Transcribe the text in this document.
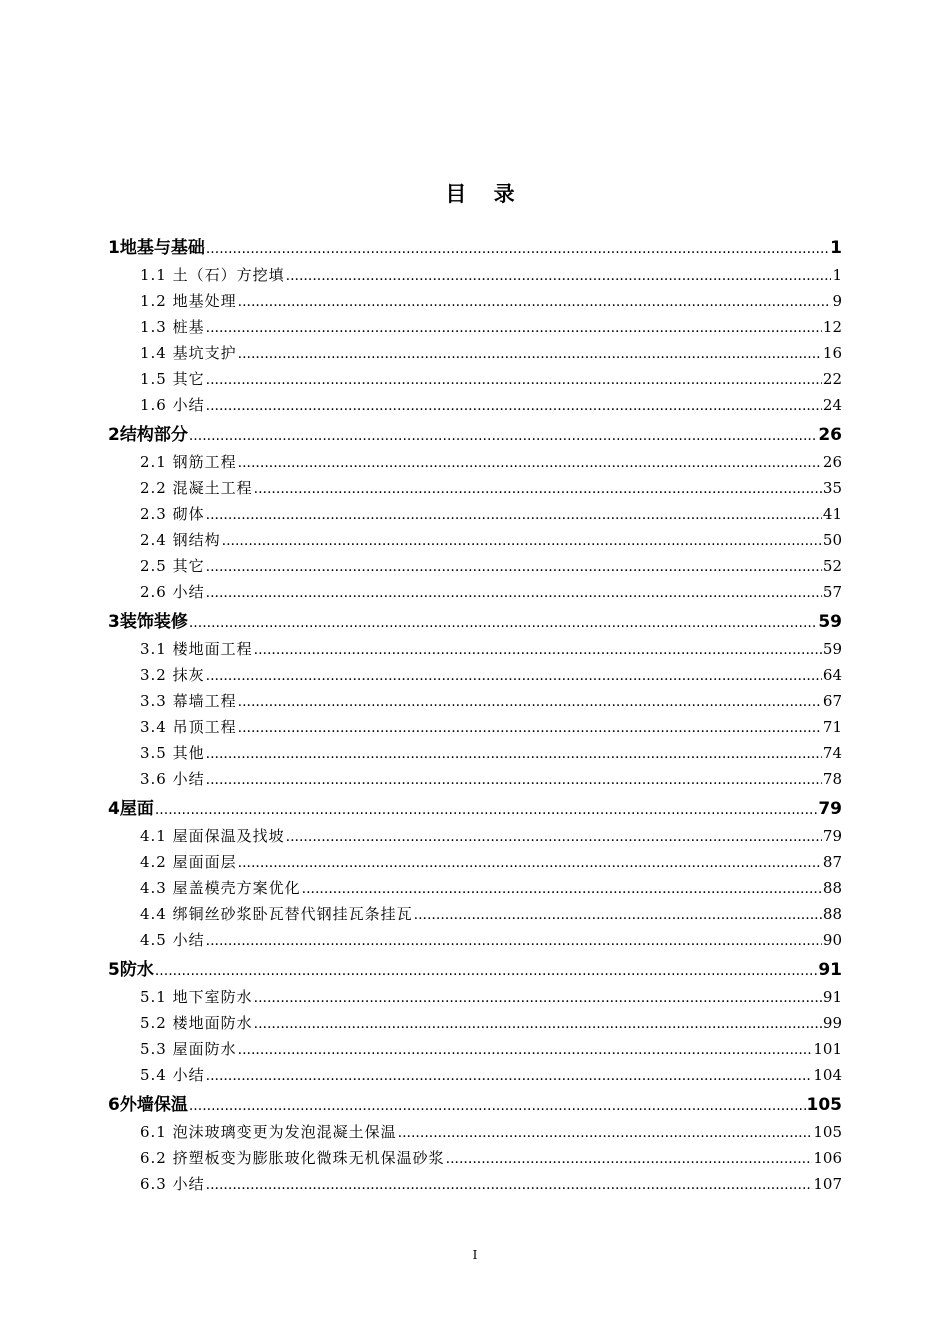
目 录
1地基与基础 .....	1
1.1 土（石）方挖填 .....	1
1.2 地基处理 .....	9
1.3 桩基 .....	12
1.4 基坑支护 .....	16
1.5 其它 .....	22
1.6 小结 .....	24
2结构部分 .....	26
2.1 钢筋工程 .....	26
2.2 混凝土工程 .....	35
2.3 砌体 .....	41
2.4 钢结构 .....	50
2.5 其它 .....	52
2.6 小结 .....	57
3装饰装修 .....	59
3.1 楼地面工程 .....	59
3.2 抹灰 .....	64
3.3 幕墙工程 .....	67
3.4 吊顶工程 .....	71
3.5 其他 .....	74
3.6 小结 .....	78
4屋面 .....	79
4.1 屋面保温及找坡 .....	79
4.2 屋面面层 .....	87
4.3 屋盖模壳方案优化 .....	88
4.4 绑铜丝砂浆卧瓦替代钢挂瓦条挂瓦 .....	88
4.5 小结 .....	90
5防水 .....	91
5.1 地下室防水 .....	91
5.2 楼地面防水 .....	99
5.3 屋面防水 .....	101
5.4 小结 .....	104
6外墙保温 .....	105
6.1 泡沫玻璃变更为发泡混凝土保温 .....	105
6.2 挤塑板变为膨胀玻化微珠无机保温砂浆 .....	106
6.3 小结 .....	107
I
